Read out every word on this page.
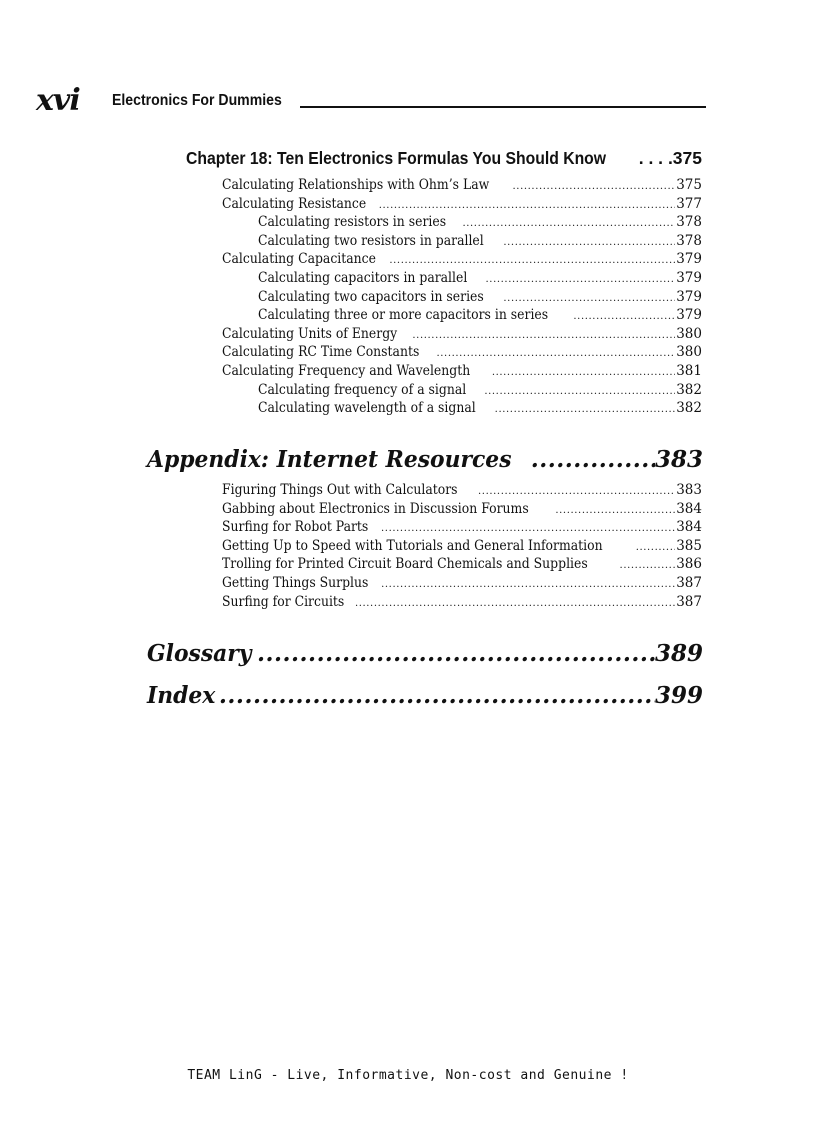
xvi Electronics For Dummies
Chapter 18: Ten Electronics Formulas You Should Know . . .	.375
Calculating Relationships with Ohm’s Law .....	375
Calculating Resistance .....	377
Calculating resistors in series .....	378
Calculating two resistors in parallel .....	378
Calculating Capacitance .....	379
Calculating capacitors in parallel .....	379
Calculating two capacitors in series .....	379
Calculating three or more capacitors in series .....	379
Calculating Units of Energy .....	380
Calculating RC Time Constants .....	380
Calculating Frequency and Wavelength .....	381
Calculating frequency of a signal .....	382
Calculating wavelength of a signal .....	382
Appendix: Internet Resources .....	383
Figuring Things Out with Calculators .....	383
Gabbing about Electronics in Discussion Forums .....	384
Surfing for Robot Parts .....	384
Getting Up to Speed with Tutorials and General Information .....	385
Trolling for Printed Circuit Board Chemicals and Supplies .....	386
Getting Things Surplus .....	387
Surfing for Circuits .....	387
Glossary .....	389
Index .....	399
TEAM LinG - Live, Informative, Non-cost and Genuine !
